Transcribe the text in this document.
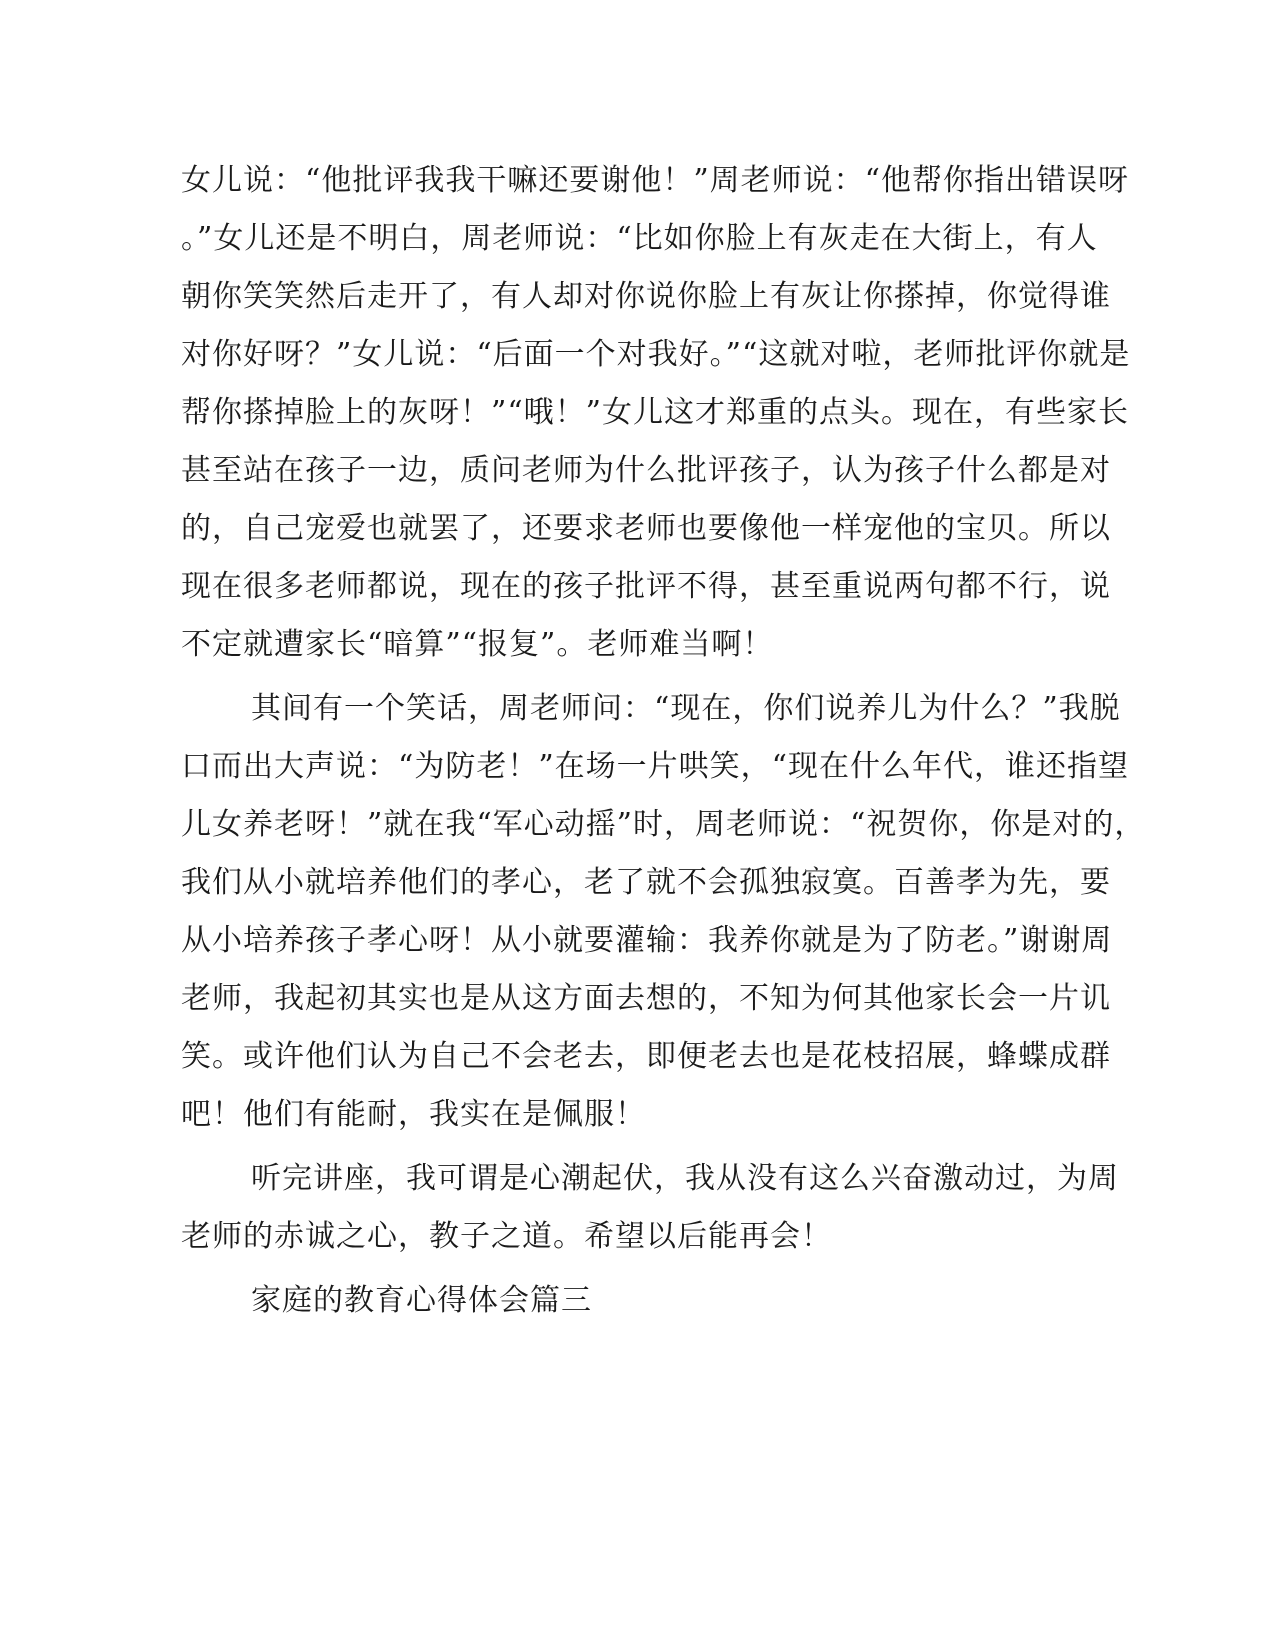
女儿说：“他批评我我干嘛还要谢他！”周老师说：“他帮你指出错误呀
。”女儿还是不明白，周老师说：“比如你脸上有灰走在大街上，有人
朝你笑笑然后走开了，有人却对你说你脸上有灰让你搽掉，你觉得谁
对你好呀？”女儿说：“后面一个对我好。”“这就对啦，老师批评你就是
帮你搽掉脸上的灰呀！”“哦！”女儿这才郑重的点头。现在，有些家长
甚至站在孩子一边，质问老师为什么批评孩子，认为孩子什么都是对
的，自己宠爱也就罢了，还要求老师也要像他一样宠他的宝贝。所以
现在很多老师都说，现在的孩子批评不得，甚至重说两句都不行，说
不定就遭家长“暗算”“报复”。老师难当啊！
其间有一个笑话，周老师问：“现在，你们说养儿为什么？”我脱
口而出大声说：“为防老！”在场一片哄笑，“现在什么年代，谁还指望
儿女养老呀！”就在我“军心动摇”时，周老师说：“祝贺你，你是对的，
我们从小就培养他们的孝心，老了就不会孤独寂寞。百善孝为先，要
从小培养孩子孝心呀！从小就要灌输：我养你就是为了防老。”谢谢周
老师，我起初其实也是从这方面去想的，不知为何其他家长会一片讥
笑。或许他们认为自己不会老去，即便老去也是花枝招展，蜂蝶成群
吧！他们有能耐，我实在是佩服！
听完讲座，我可谓是心潮起伏，我从没有这么兴奋激动过，为周
老师的赤诚之心，教子之道。希望以后能再会！
家庭的教育心得体会篇三
